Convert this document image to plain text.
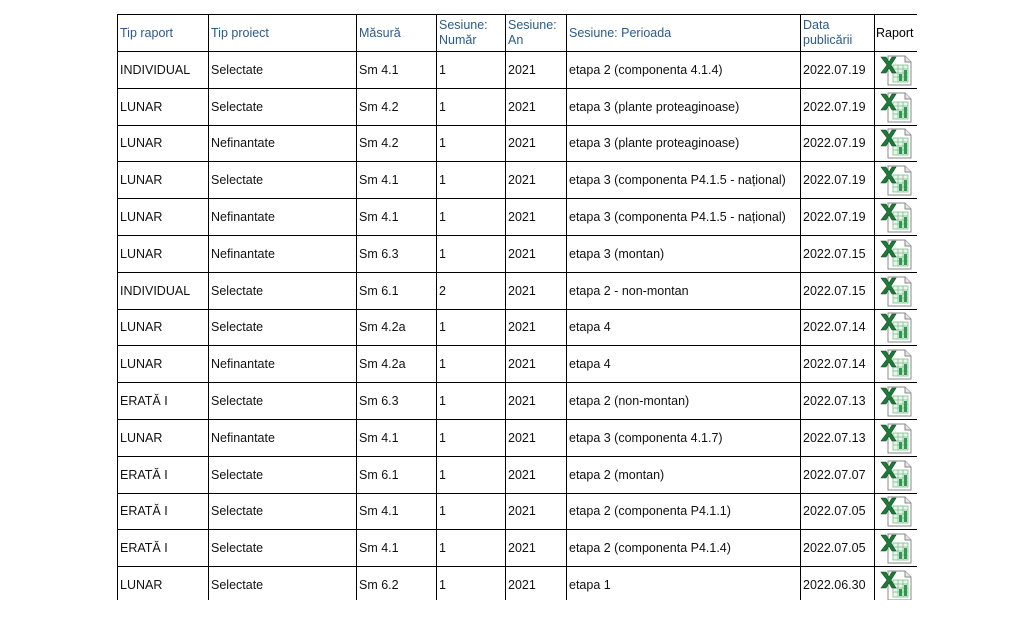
Tip raport	Tip proiect	Măsură	Sesiune: Număr	Sesiune: An	Sesiune: Perioada	Data publicării	Raport
INDIVIDUAL	Selectate	Sm 4.1	1	2021	etapa 2 (componenta 4.1.4)	2022.07.19	
LUNAR	Selectate	Sm 4.2	1	2021	etapa 3 (plante proteaginoase)	2022.07.19	
LUNAR	Nefinantate	Sm 4.2	1	2021	etapa 3 (plante proteaginoase)	2022.07.19	
LUNAR	Selectate	Sm 4.1	1	2021	etapa 3 (componenta P4.1.5 - național)	2022.07.19	
LUNAR	Nefinantate	Sm 4.1	1	2021	etapa 3 (componenta P4.1.5 - național)	2022.07.19	
LUNAR	Nefinantate	Sm 6.3	1	2021	etapa 3 (montan)	2022.07.15	
INDIVIDUAL	Selectate	Sm 6.1	2	2021	etapa 2 - non-montan	2022.07.15	
LUNAR	Selectate	Sm 4.2a	1	2021	etapa 4	2022.07.14	
LUNAR	Nefinantate	Sm 4.2a	1	2021	etapa 4	2022.07.14	
ERATĂ I	Selectate	Sm 6.3	1	2021	etapa 2 (non-montan)	2022.07.13	
LUNAR	Nefinantate	Sm 4.1	1	2021	etapa 3 (componenta 4.1.7)	2022.07.13	
ERATĂ I	Selectate	Sm 6.1	1	2021	etapa 2 (montan)	2022.07.07	
ERATĂ I	Selectate	Sm 4.1	1	2021	etapa 2 (componenta P4.1.1)	2022.07.05	
ERATĂ I	Selectate	Sm 4.1	1	2021	etapa 2 (componenta P4.1.4)	2022.07.05	
LUNAR	Selectate	Sm 6.2	1	2021	etapa 1	2022.06.30	
